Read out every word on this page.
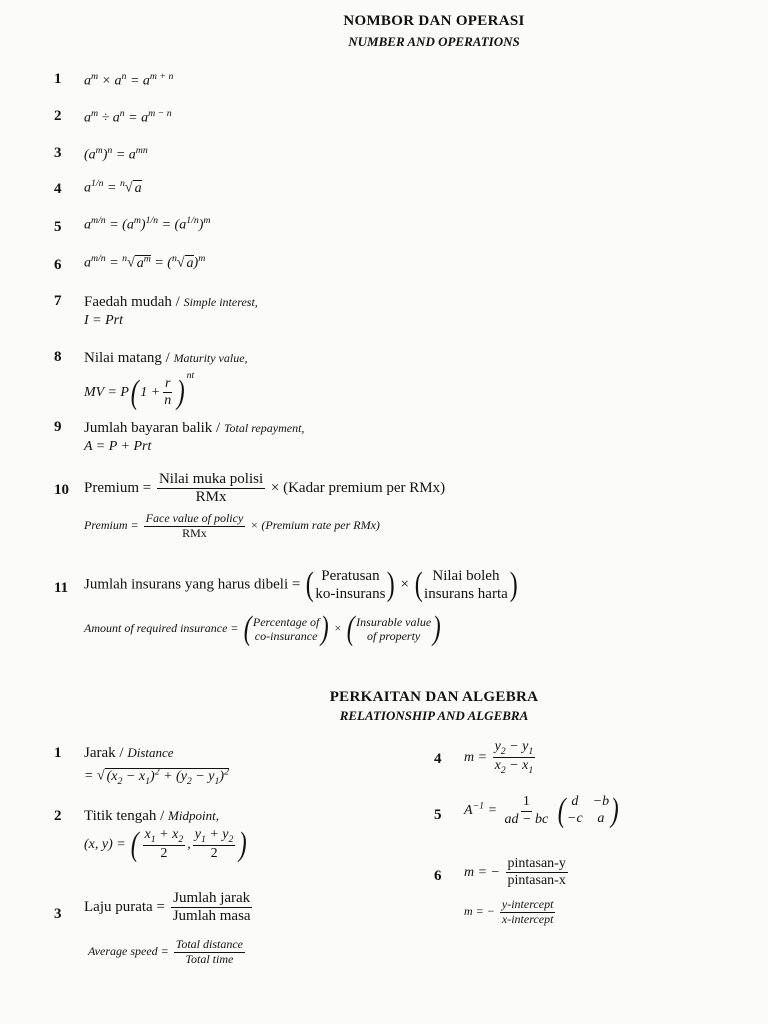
NOMBOR DAN OPERASI
NUMBER AND OPERATIONS
1 $a^m \times a^n = a^{m + n}$
2 $a^m \div a^n = a^{m - n}$
3 $(a^m)^n = a^{mn}$
4 $a^{1/n} = ^n√$ a
5 $a^{m/n} = (a^m)^{1/n} = (a^{1/n})^m$
6 $a^{m/n} = ^n√$ $a^m = (^n√$ a)$^m$
7 Faedah mudah / Simple interest,
I = Prt
8 Nilai matang / Maturity value,
MV = P ( $1 + \frac{r}{n}$ ) $^{nt}$
9 Jumlah bayaran balik / Total repayment,
A = P + Prt
10 Premium = $\frac{\text{Nilai muka polisi}}{\text{RMx}}$ × (Kadar premium per RMx)
Premium = $\frac{\text{Face value of policy}}{\text{RMx}}$ × (Premium rate per RMx)
11 Jumlah insurans yang harus dibeli = ( Peratusan
ko-insurans ) × ( Nilai boleh
insurans harta )
Amount of required insurance = ( Percentage of
co-insurance ) × ( Insurable value
of property )
PERKAITAN DAN ALGEBRA
RELATIONSHIP AND ALGEBRA
1 Jarak / Distance
= √ $(x_2 - x_1)^2 + (y_2 - y_1)^2$
2 Titik tengah / Midpoint,
(x, y) = ( $\frac{x_1 + x_2}{2}$ , $\frac{y_1 + y_2}{2}$ )
3 Laju purata = $\frac{\text{Jumlah jarak}}{\text{Jumlah masa}}$
Average speed = $\frac{\text{Total distance}}{\text{Total time}}$
4 $m = \frac{y_2 - y_1}{x_2 - x_1}$
5 $A^{-1} = \frac{1}{ad - bc}$
( d	−b
−c	a )
6 m = − $\frac{\text{pintasan-y}}{\text{pintasan-x}}$
m = − $\frac{\text{y-intercept}}{\text{x-intercept}}$
